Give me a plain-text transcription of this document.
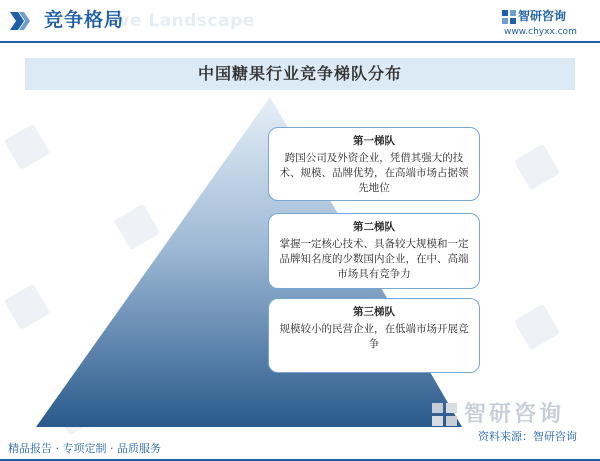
ive Landscape
竞争格局	智研咨询
www.chyxx.com
中国糖果行业竞争梯队分布
第一梯队
跨国公司及外资企业，凭借其强大的技术、规模、品牌优势，在高端市场占据领先地位
第二梯队
掌握一定核心技术、具备较大规模和一定品牌知名度的少数国内企业，在中、高端市场具有竞争力
第三梯队
规模较小的民营企业，在低端市场开展竞争
智研咨询
资料来源：智研咨询
精品报告 · 专项定制 · 品质服务
